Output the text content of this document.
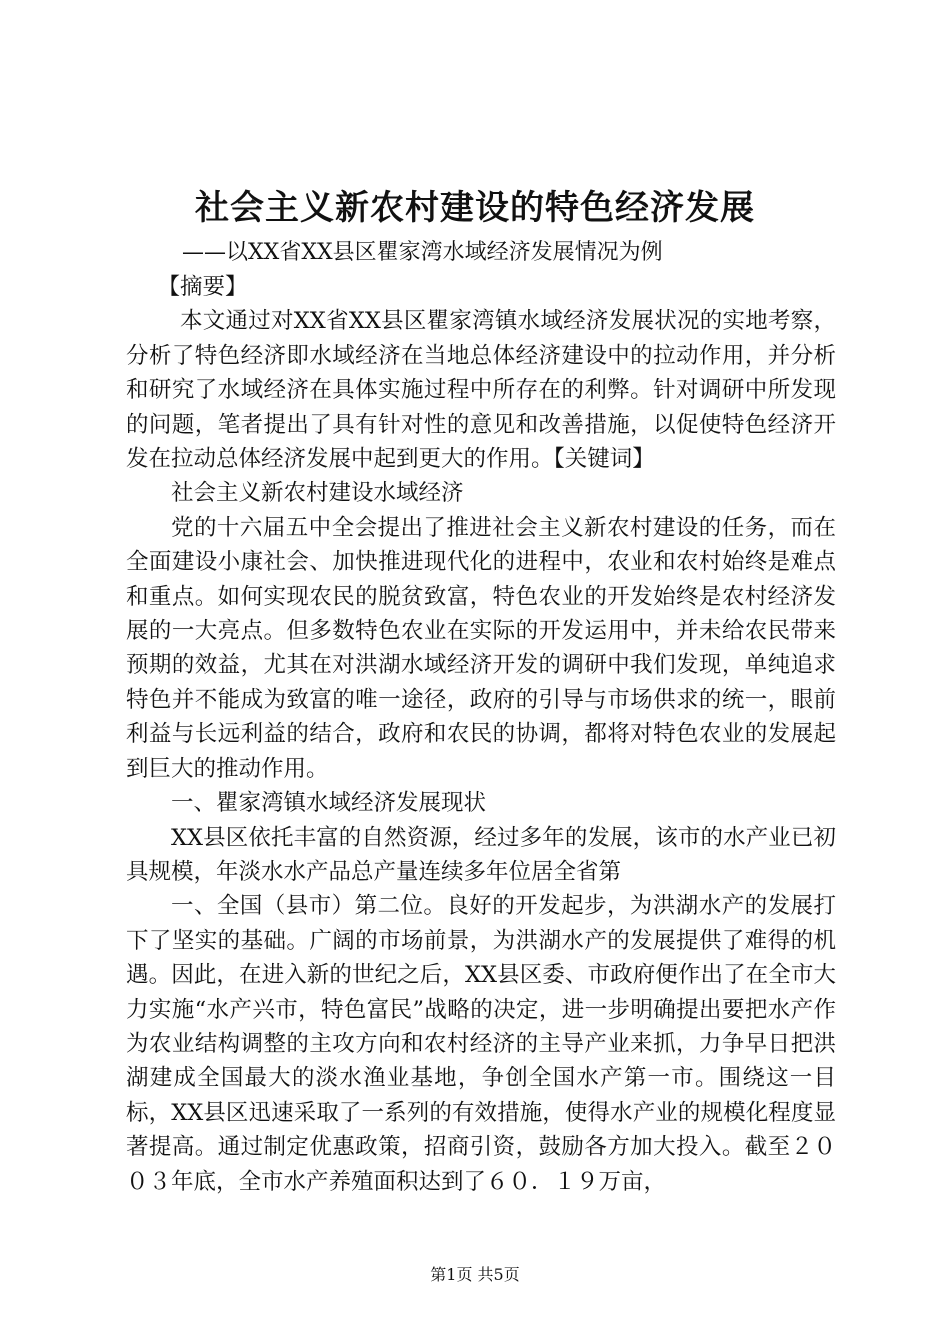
社会主义新农村建设的特色经济发展
——以XX省XX县区瞿家湾水域经济发展情况为例

【摘要】

本文通过对XX省XX县区瞿家湾镇水域经济发展状况的实地考察，分析了特色经济即水域经济在当地总体经济建设中的拉动作用，并分析和研究了水域经济在具体实施过程中所存在的利弊。针对调研中所发现的问题，笔者提出了具有针对性的意见和改善措施，以促使特色经济开发在拉动总体经济发展中起到更大的作用。【关键词】

社会主义新农村建设水域经济

党的十六届五中全会提出了推进社会主义新农村建设的任务，而在全面建设小康社会、加快推进现代化的进程中，农业和农村始终是难点和重点。如何实现农民的脱贫致富，特色农业的开发始终是农村经济发展的一大亮点。但多数特色农业在实际的开发运用中，并未给农民带来预期的效益，尤其在对洪湖水域经济开发的调研中我们发现，单纯追求特色并不能成为致富的唯一途径，政府的引导与市场供求的统一，眼前利益与长远利益的结合，政府和农民的协调，都将对特色农业的发展起到巨大的推动作用。

一、瞿家湾镇水域经济发展现状

XX县区依托丰富的自然资源，经过多年的发展，该市的水产业已初具规模，年淡水水产品总产量连续多年位居全省第

一、全国（县市）第二位。良好的开发起步，为洪湖水产的发展打下了坚实的基础。广阔的市场前景，为洪湖水产的发展提供了难得的机遇。因此，在进入新的世纪之后，XX县区委、市政府便作出了在全市大力实施“水产兴市，特色富民”战略的决定，进一步明确提出要把水产作为农业结构调整的主攻方向和农村经济的主导产业来抓，力争早日把洪湖建成全国最大的淡水渔业基地，争创全国水产第一市。围绕这一目标，XX县区迅速采取了一系列的有效措施，使得水产业的规模化程度显著提高。通过制定优惠政策，招商引资，鼓励各方加大投入。截至２００３年底，全市水产养殖面积达到了６０．１９万亩，

第1页 共5页
